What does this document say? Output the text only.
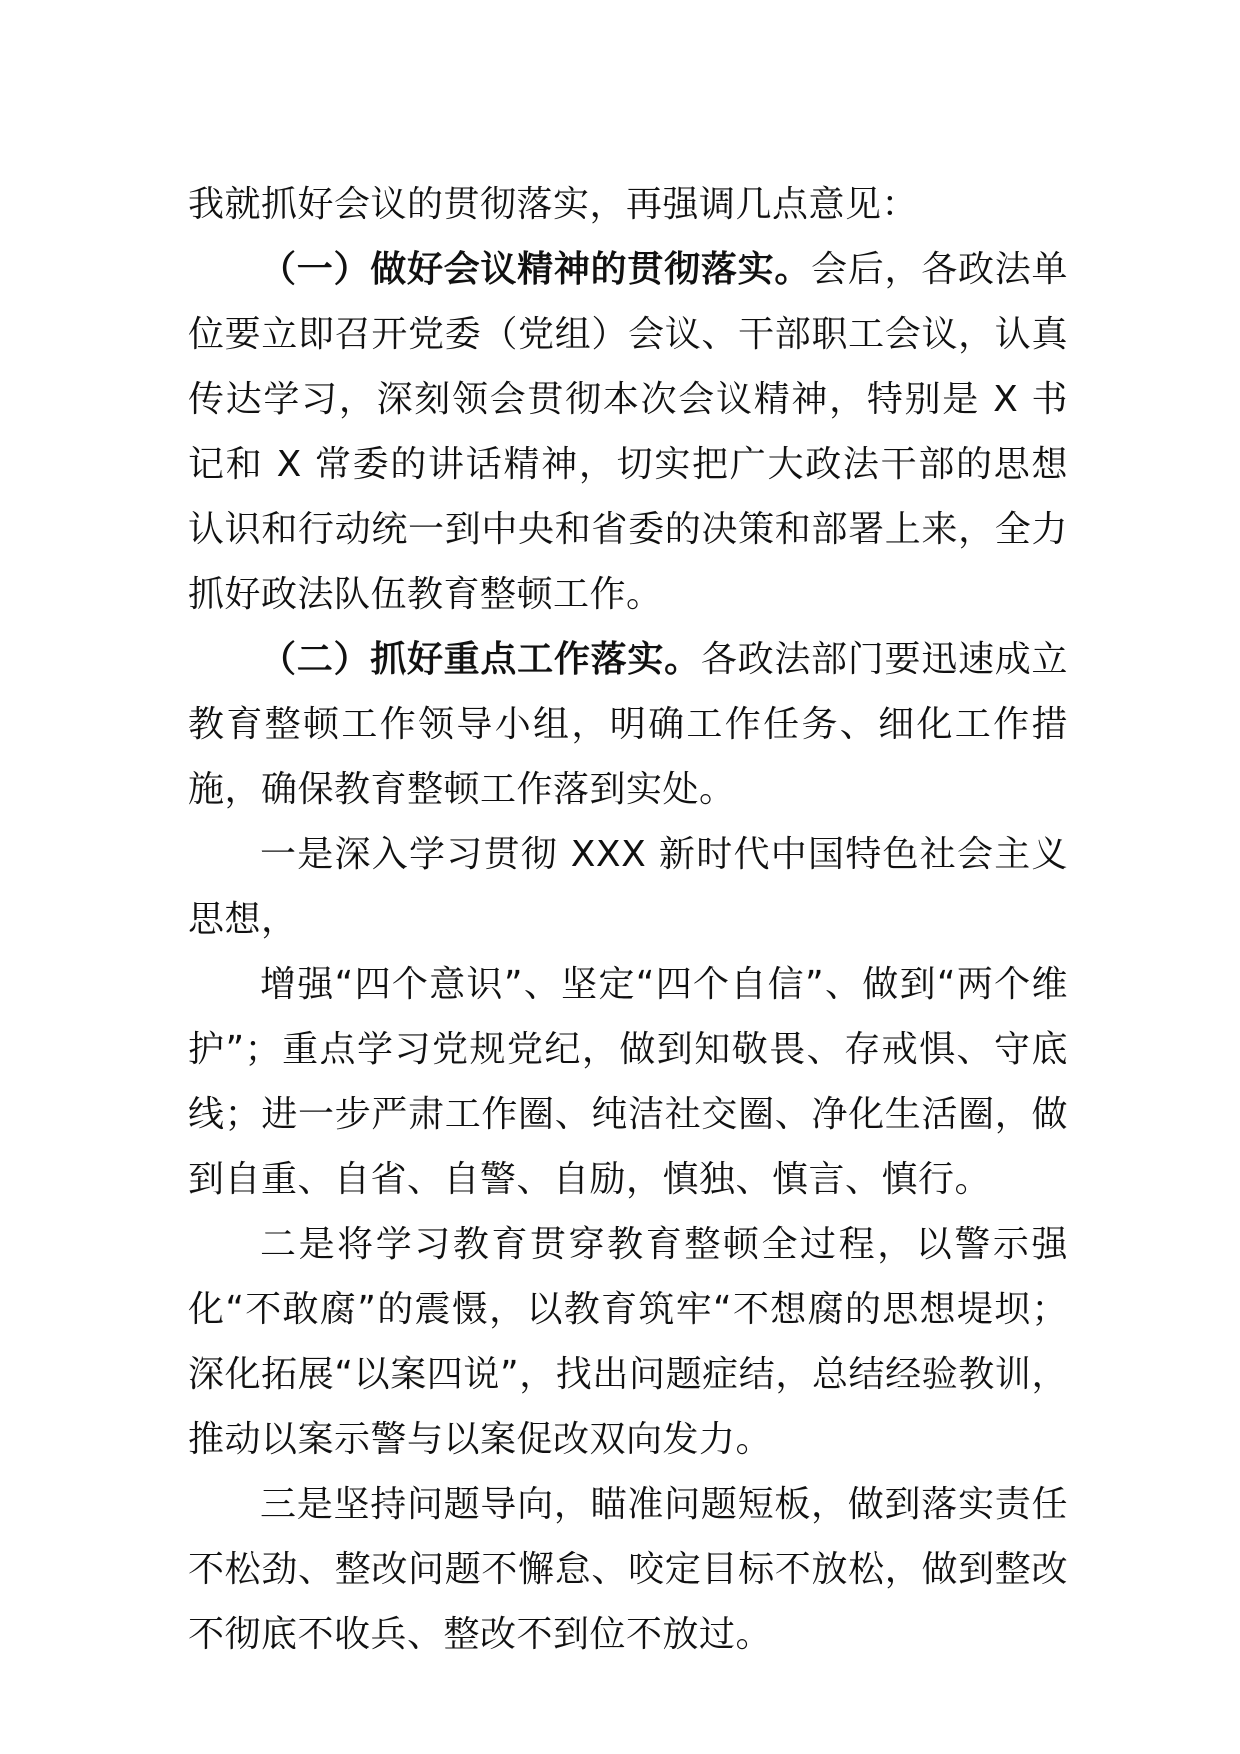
我就抓好会议的贯彻落实，再强调几点意见：

（一）做好会议精神的贯彻落实。会后，各政法单位要立即召开党委（党组）会议、干部职工会议，认真传达学习，深刻领会贯彻本次会议精神，特别是 X 书记和 X 常委的讲话精神，切实把广大政法干部的思想认识和行动统一到中央和省委的决策和部署上来，全力抓好政法队伍教育整顿工作。

（二）抓好重点工作落实。各政法部门要迅速成立教育整顿工作领导小组，明确工作任务、细化工作措施，确保教育整顿工作落到实处。

一是深入学习贯彻 XXX 新时代中国特色社会主义思想，

增强“四个意识”、坚定“四个自信”、做到“两个维护”；重点学习党规党纪，做到知敬畏、存戒惧、守底线；进一步严肃工作圈、纯洁社交圈、净化生活圈，做到自重、自省、自警、自励，慎独、慎言、慎行。

二是将学习教育贯穿教育整顿全过程，以警示强化“不敢腐”的震慑，以教育筑牢“不想腐的思想堤坝；深化拓展“以案四说”，找出问题症结，总结经验教训，推动以案示警与以案促改双向发力。

三是坚持问题导向，瞄准问题短板，做到落实责任不松劲、整改问题不懈怠、咬定目标不放松，做到整改不彻底不收兵、整改不到位不放过。
